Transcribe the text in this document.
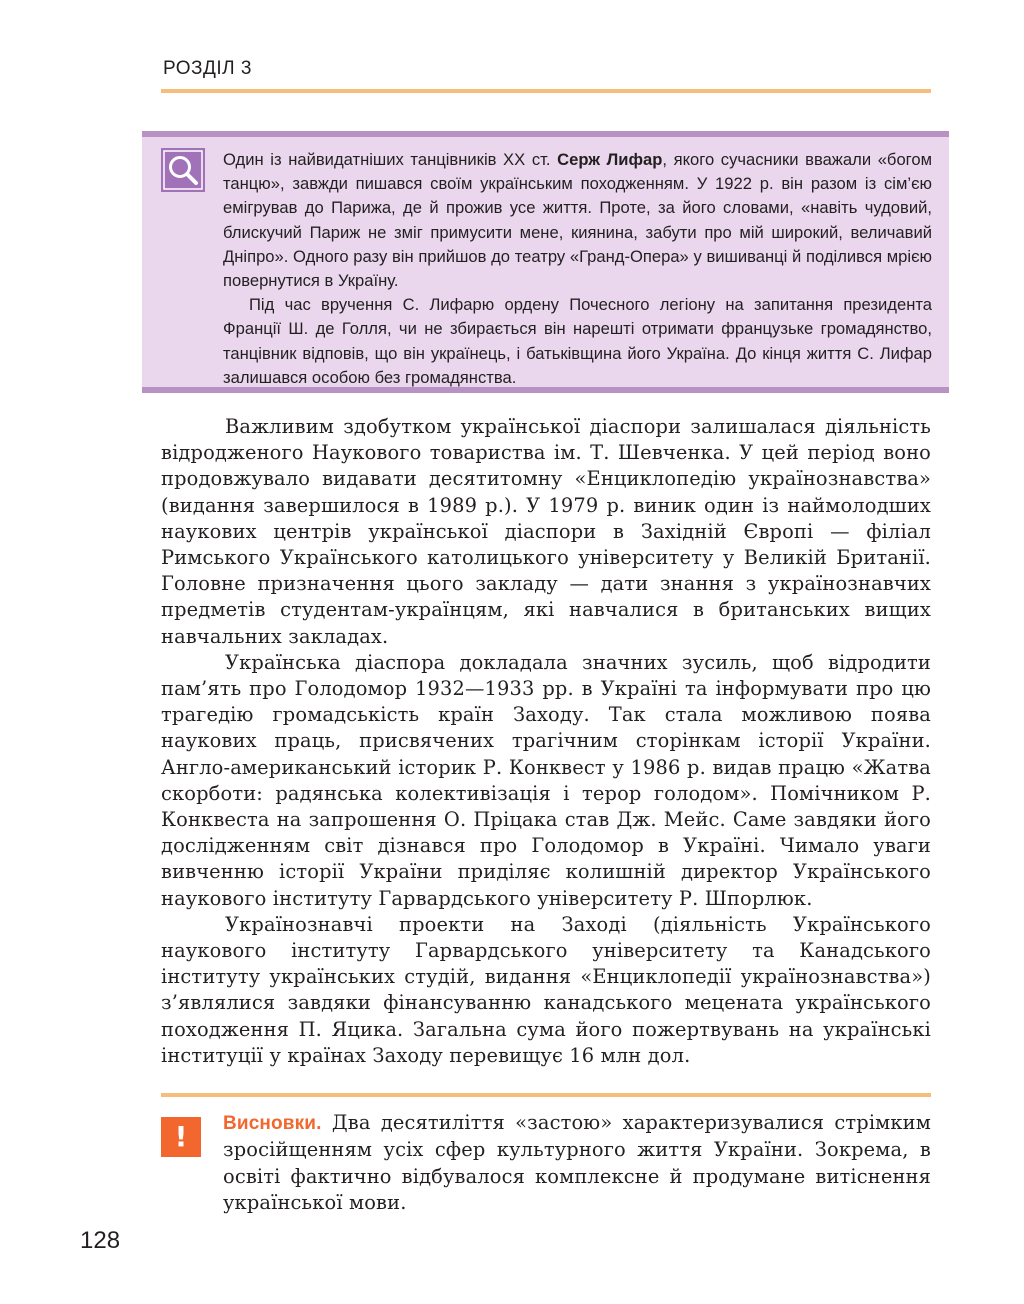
РОЗДІЛ 3

Один із найвидатніших танцівників XX ст. Серж Лифар, якого сучасники вважали «богом танцю», завжди пишався своїм українським походженням. У 1922 р. він разом із сім’єю емігрував до Парижа, де й прожив усе життя. Проте, за його словами, «навіть чудовий, блискучий Париж не зміг примусити мене, киянина, забути про мій широкий, величавий Дніпро». Одного разу він прийшов до театру «Гранд-Опера» у вишиванці й поділився мрією повернутися в Україну.

Під час вручення С. Лифарю ордену Почесного легіону на запитання президента Франції Ш. де Голля, чи не збирається він нарешті отримати французьке громадянство, танцівник відповів, що він українець, і батьківщина його Україна. До кінця життя С. Лифар залишався особою без громадянства.

Важливим здобутком української діаспори залишалася діяльність відродженого Наукового товариства ім. Т. Шевченка. У цей період воно продовжувало видавати десятитомну «Енциклопедію українознавства» (видання завершилося в 1989 р.). У 1979 р. виник один із наймолодших наукових центрів української діаспори в Західній Європі — філіал Римського Українського католицького університету у Великій Британії. Головне призначення цього закладу — дати знання з українознавчих предметів студентам-українцям, які навчалися в британських вищих навчальних закладах.

Українська діаспора докладала значних зусиль, щоб відродити пам’ять про Голодомор 1932—1933 рр. в Україні та інформувати про цю трагедію громадськість країн Заходу. Так стала можливою поява наукових праць, присвячених трагічним сторінкам історії України. Англо-американський історик Р. Конквест у 1986 р. видав працю «Жатва скорботи: радянська колективізація і терор голодом». Помічником Р. Конквеста на запрошення О. Пріцака став Дж. Мейс. Саме завдяки його дослідженням світ дізнався про Голодомор в Україні. Чимало уваги вивченню історії України приділяє колишній директор Українського наукового інституту Гарвардського університету Р. Шпорлюк.

Українознавчі проекти на Заході (діяльність Українського наукового інституту Гарвардського університету та Канадського інституту українських студій, видання «Енциклопедії українознавства») з’являлися завдяки фінансуванню канадського мецената українського походження П. Яцика. Загальна сума його пожертвувань на українські інституції у країнах Заходу перевищує 16 млн дол.

!	Висновки. Два десятиліття «застою» характеризувалися стрімким зросійщенням усіх сфер культурного життя України. Зокрема, в освіті фактично відбувалося комплексне й продумане витіснення української мови.

128
